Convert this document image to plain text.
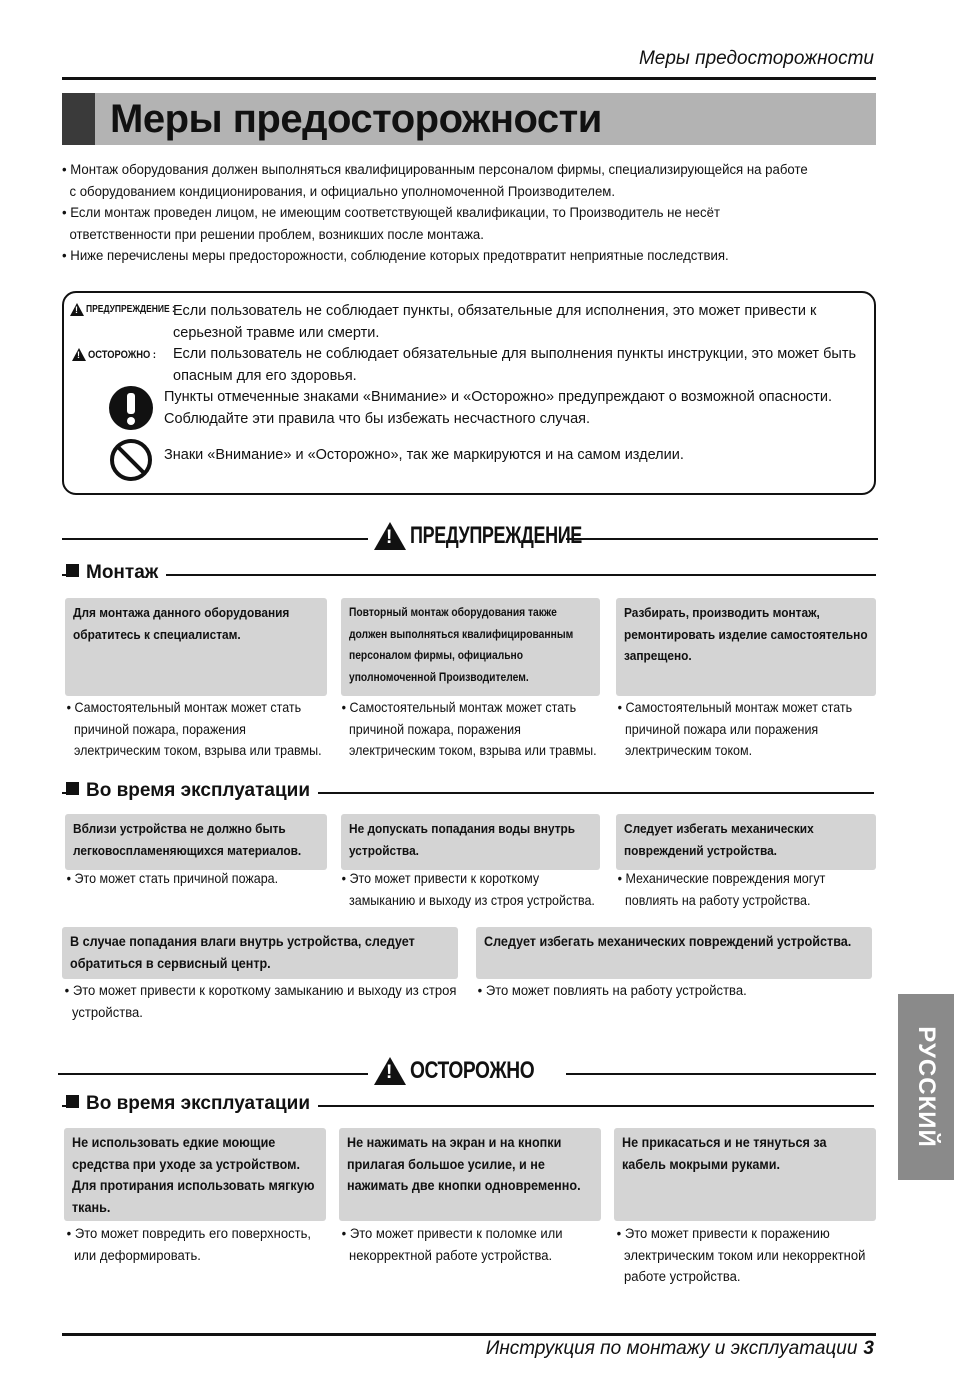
Меры предосторожности
Меры предосторожности

• Монтаж оборудования должен выполняться квалифицированным персоналом фирмы, специализирующейся на работе с оборудованием кондиционирования, и официально уполномоченной Производителем.

• Если монтаж проведен лицом, не имеющим соответствующей квалификации, то Производитель не несёт ответственности при решении проблем, возникших после монтажа.

• Ниже перечислены меры предосторожности, соблюдение которых предотвратит неприятные последствия.

!
ПРЕДУПРЕЖДЕНИЕ :
Если пользователь не соблюдает пункты, обязательные для исполнения, это может привести к серьезной травме или смерти.
!
ОСТОРОЖНО : Если пользователь не соблюдает обязательные для выполнения пункты инструкции, это может быть опасным для его здоровья.
Пункты отмеченные знаками «Внимание» и «Осторожно» предупреждают о возможной опасности. Соблюдайте эти правила что бы избежать несчастного случая.
Знаки «Внимание» и «Осторожно», так же маркируются и на самом изделии.
!
ПРЕДУПРЕЖДЕНИЕ
Монтаж
Для монтажа данного оборудования обратитесь к специалистам.
Повторный монтаж оборудования также должен выполняться квалифицированным персоналом фирмы, официально уполномоченной Производителем.
Разбирать, производить монтаж, ремонтировать изделие самостоятельно запрещено.
• Самостоятельный монтаж может стать причиной пожара, поражения электрическим током, взрыва или травмы.
• Самостоятельный монтаж может стать причиной пожара, поражения электрическим током, взрыва или травмы.
• Самостоятельный монтаж может стать причиной пожара или поражения электрическим током.
Во время эксплуатации
Вблизи устройства не должно быть легковоспламеняющихся материалов.
Не допускать попадания воды внутрь устройства.
Следует избегать механических повреждений устройства.
• Это может стать причиной пожара.	• Это может привести к короткому замыканию и выходу из строя устройства.
• Механические повреждения могут повлиять на работу устройства.
В случае попадания влаги внутрь устройства, следует обратиться в сервисный центр.
Следует избегать механических повреждений устройства.
• Это может привести к короткому замыканию и выходу из строя устройства.
• Это может повлиять на работу устройства.
!
ОСТОРОЖНО
Во время эксплуатации
Не использовать едкие моющие средства при уходе за устройством. Для протирания использовать мягкую ткань.
Не нажимать на экран и на кнопки прилагая большое усилие, и не нажимать две кнопки одновременно.
Не прикасаться и не тянуться за кабель мокрыми руками.
• Это может повредить его поверхность, или деформировать.
• Это может привести к поломке или некорректной работе устройства.
• Это может привести к поражению электрическим током или некорректной работе устройства.
РУССКИЙ
Инструкция по монтажу и эксплуатации 3
